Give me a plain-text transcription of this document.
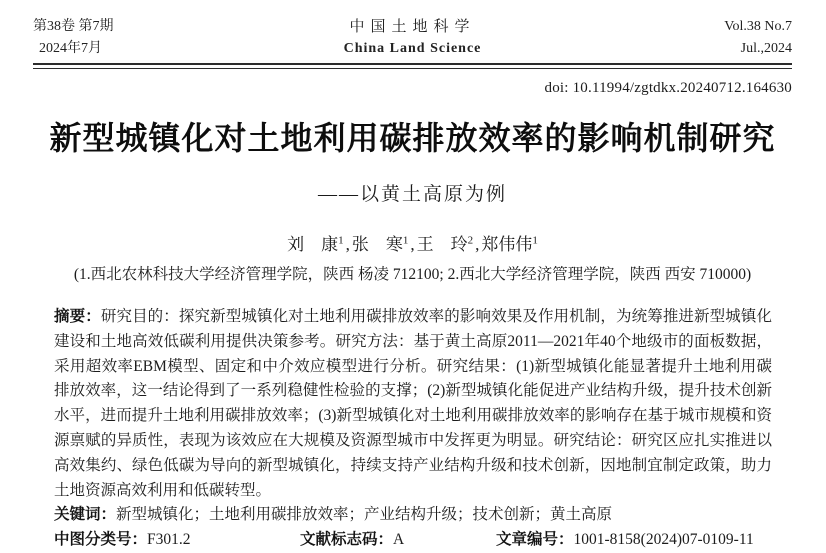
第38卷 第7期
2024年7月
中国土地科学
China Land Science
Vol.38 No.7
Jul.,2024
doi: 10.11994/zgtdkx.20240712.164630
新型城镇化对土地利用碳排放效率的影响机制研究
——以黄土高原为例
刘　康$^1$ , 张　寒$^1$ , 王　玲$^2$ , 郑伟伟$^1$
(1.西北农林科技大学经济管理学院，陕西 杨凌 712100; 2.西北大学经济管理学院，陕西 西安 710000)

摘要：研究目的：探究新型城镇化对土地利用碳排放效率的影响效果及作用机制，为统筹推进新型城镇化建设和土地高效低碳利用提供决策参考。研究方法：基于黄土高原2011—2021年40个地级市的面板数据，采用超效率EBM模型、固定和中介效应模型进行分析。研究结果：(1)新型城镇化能显著提升土地利用碳排放效率，这一结论得到了一系列稳健性检验的支撑；(2)新型城镇化能促进产业结构升级，提升技术创新水平，进而提升土地利用碳排放效率；(3)新型城镇化对土地利用碳排放效率的影响存在基于城市规模和资源禀赋的异质性，表现为该效应在大规模及资源型城市中发挥更为明显。研究结论：研究区应扎实推进以高效集约、绿色低碳为导向的新型城镇化，持续支持产业结构升级和技术创新，因地制宜制定政策，助力土地资源高效利用和低碳转型。

关键词：新型城镇化；土地利用碳排放效率；产业结构升级；技术创新；黄土高原

中图分类号：F301.2	文献标志码：A	文章编号：1001-8158(2024)07-0109-11
